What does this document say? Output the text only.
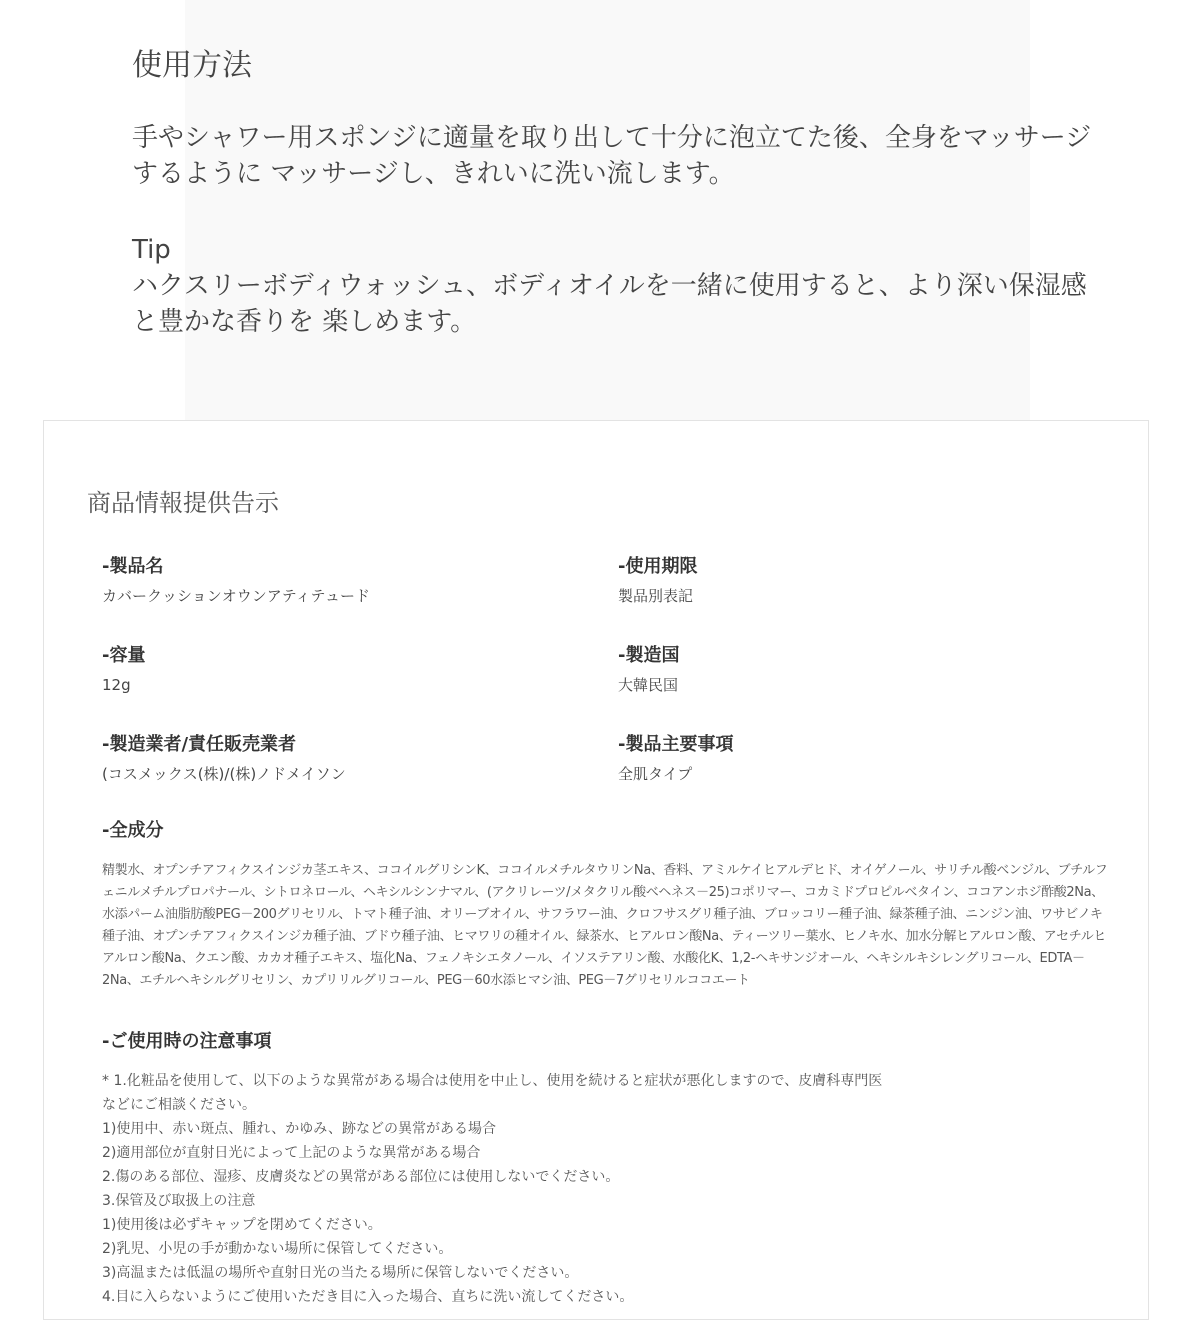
使用方法

手やシャワー用スポンジに適量を取り出して十分に泡立てた後、全身をマッサージするように マッサージし、きれいに洗い流します。

Tip

ハクスリーボディウォッシュ、ボディオイルを一緒に使用すると、より深い保湿感と豊かな香りを 楽しめます。

商品情報提供告示
-製品名
カバークッションオウンアティテュード
-使用期限
製品別表記
-容量
12g
-製造国
大韓民国
-製造業者/責任販売業者
(コスメックス(株)/(株)ノドメイソン
-製品主要事項
全肌タイプ
-全成分
精製水、オプンチアフィクスインジカ茎エキス、ココイルグリシンK、ココイルメチルタウリンNa、香料、アミルケイヒアルデヒド、オイゲノール、サリチル酸ベンジル、ブチルフェニルメチルプロパナール、シトロネロール、ヘキシルシンナマル、(アクリレーツ/メタクリル酸ベヘネス－25)コポリマー、コカミドプロピルベタイン、ココアンホジ酢酸2Na、水添パーム油脂肪酸PEG－200グリセリル、トマト種子油、オリーブオイル、サフラワー油、クロフサスグリ種子油、ブロッコリー種子油、緑茶種子油、ニンジン油、ワサビノキ種子油、オプンチアフィクスインジカ種子油、ブドウ種子油、ヒマワリの種オイル、緑茶水、ヒアルロン酸Na、ティーツリー葉水、ヒノキ水、加水分解ヒアルロン酸、アセチルヒアルロン酸Na、クエン酸、カカオ種子エキス、塩化Na、フェノキシエタノール、イソステアリン酸、水酸化K、1,2-ヘキサンジオール、ヘキシルキシレングリコール、EDTA－2Na、エチルヘキシルグリセリン、カプリリルグリコール、PEG－60水添ヒマシ油、PEG－7グリセリルココエート
-ご使用時の注意事項
* 1.化粧品を使用して、以下のような異常がある場合は使用を中止し、使用を続けると症状が悪化しますので、皮膚科専門医
などにご相談ください。
1)使用中、赤い斑点、腫れ、かゆみ、跡などの異常がある場合
2)適用部位が直射日光によって上記のような異常がある場合
2.傷のある部位、湿疹、皮膚炎などの異常がある部位には使用しないでください。
3.保管及び取扱上の注意
1)使用後は必ずキャップを閉めてください。
2)乳児、小児の手が動かない場所に保管してください。
3)高温または低温の場所や直射日光の当たる場所に保管しないでください。
4.目に入らないようにご使用いただき目に入った場合、直ちに洗い流してください。
